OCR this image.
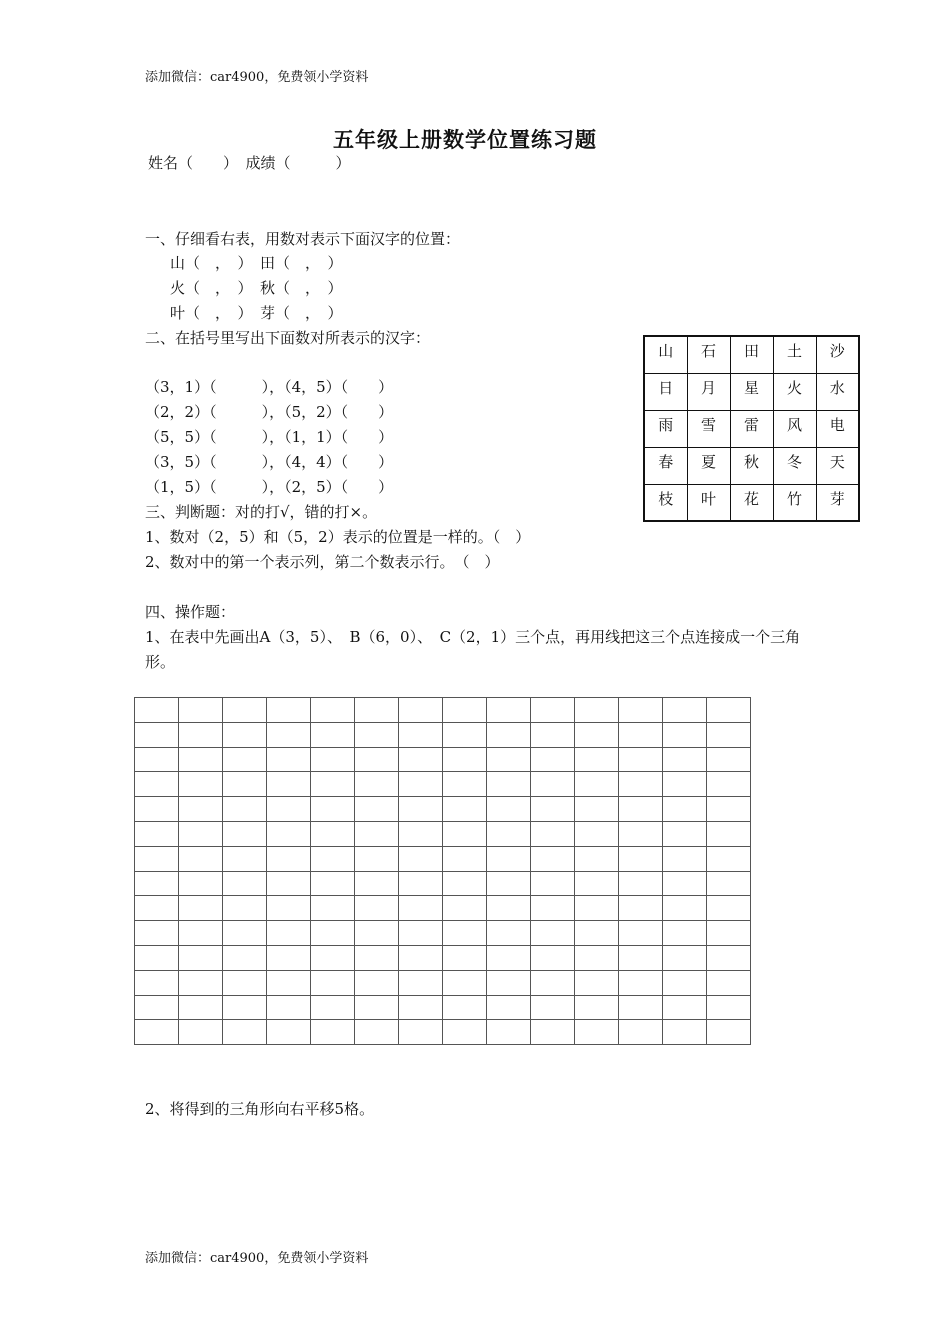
添加微信：car4900，免费领小学资料
五年级上册数学位置练习题
姓名（　　）　成绩（　　　）
一、仔细看右表，用数对表示下面汉字的位置：
山（　，　）　田（　，　）
火（　，　）　秋（　，　）
叶（　，　）　芽（　，　）
二、在括号里写出下面数对所表示的汉字：
（3，1）（　　　），（4，5）（　　）
（2，2）（　　　），（5，2）（　　）
（5，5）（　　　），（1，1）（　　）
（3，5）（　　　），（4，4）（　　）
（1，5）（　　　），（2，5）（　　）
三、判断题：对的打√，错的打×。
1、数对（2，5）和（5，2）表示的位置是一样的。（　）
2、数对中的第一个表示列，第二个数表示行。　（　）
四、操作题：
1、在表中先画出A（3，5）、　B（6，0）、　C（2，1）三个点，再用线把这三个点连接成一个三角
形。
山	石	田	土	沙
日	月	星	火	水
雨	雪	雷	风	电
春	夏	秋	冬	天
枝	叶	花	竹	芽

2、将得到的三角形向右平移5格。
添加微信：car4900，免费领小学资料
